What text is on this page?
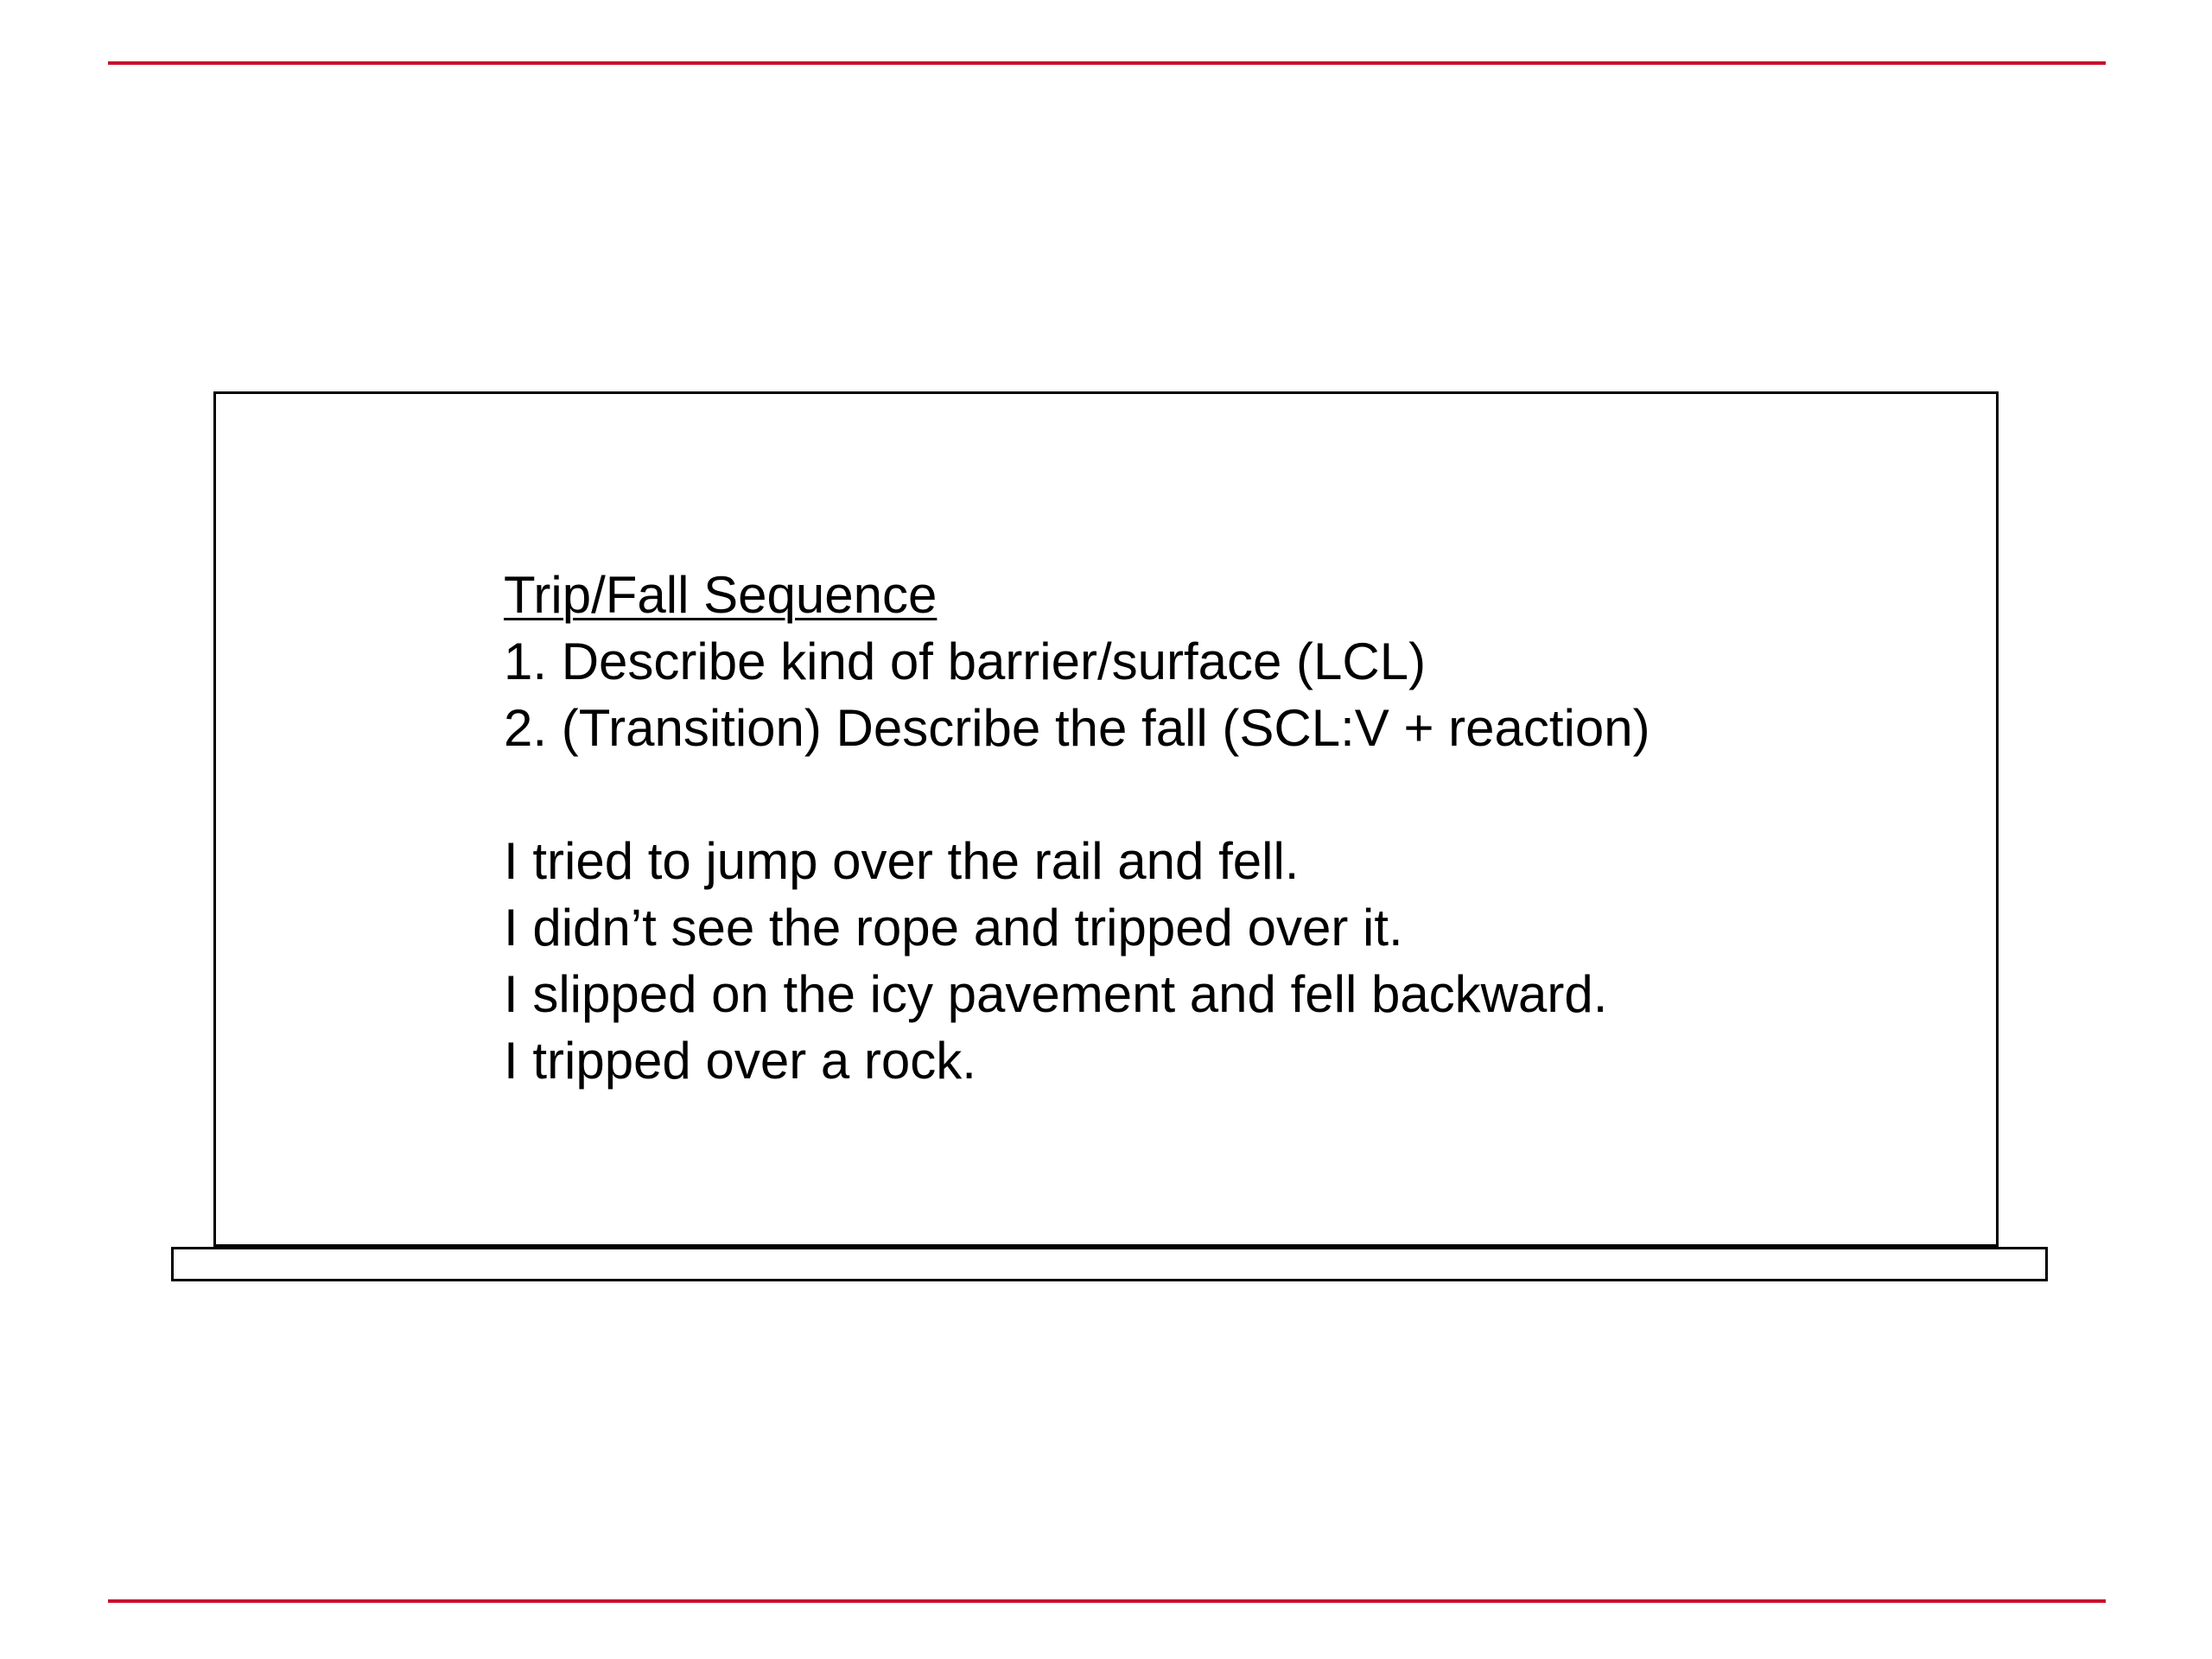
Trip/Fall Sequence
1. Describe kind of barrier/surface (LCL)
2. (Transition) Describe the fall (SCL:V + reaction)
I tried to jump over the rail and fell.
I didn’t see the rope and tripped over it.
I slipped on the icy pavement and fell backward.
I tripped over a rock.
